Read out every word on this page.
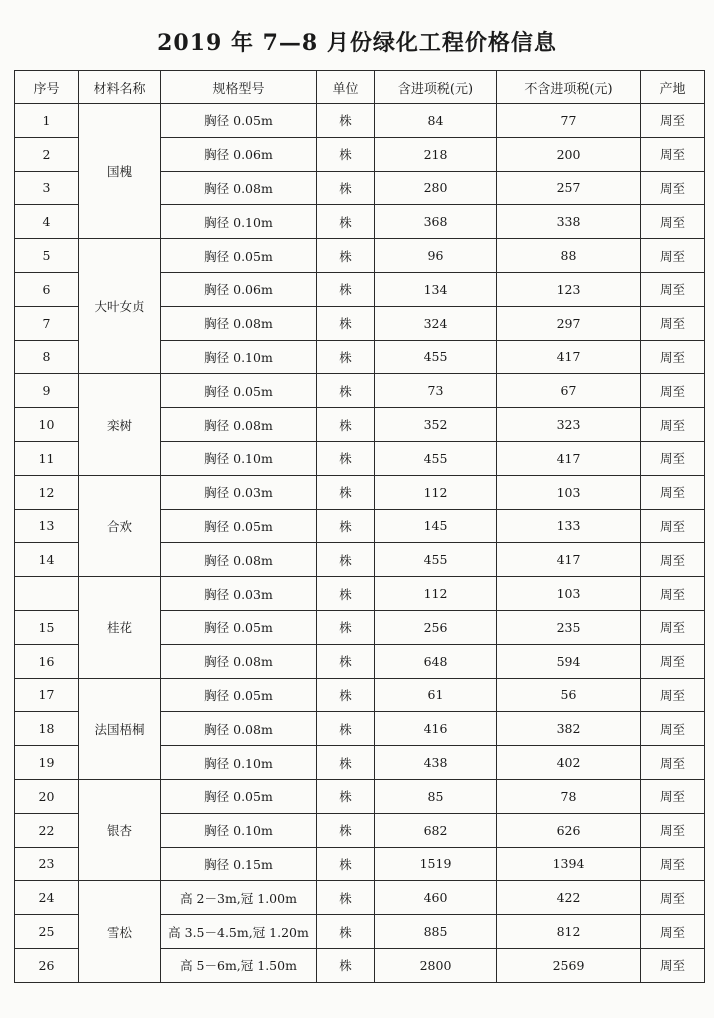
2019 年 7—8 月份绿化工程价格信息
序号	材料名称	规格型号	单位	含进项税(元)	不含进项税(元)	产地
1	国槐	胸径 0.05m	株	84	77	周至
2		胸径 0.06m	株	218	200	周至
3		胸径 0.08m	株	280	257	周至
4		胸径 0.10m	株	368	338	周至
5	大叶女贞	胸径 0.05m	株	96	88	周至
6		胸径 0.06m	株	134	123	周至
7		胸径 0.08m	株	324	297	周至
8		胸径 0.10m	株	455	417	周至
9	栾树	胸径 0.05m	株	73	67	周至
10		胸径 0.08m	株	352	323	周至
11		胸径 0.10m	株	455	417	周至
12	合欢	胸径 0.03m	株	112	103	周至
13		胸径 0.05m	株	145	133	周至
14		胸径 0.08m	株	455	417	周至
	桂花	胸径 0.03m	株	112	103	周至
15		胸径 0.05m	株	256	235	周至
16		胸径 0.08m	株	648	594	周至
17	法国梧桐	胸径 0.05m	株	61	56	周至
18		胸径 0.08m	株	416	382	周至
19		胸径 0.10m	株	438	402	周至
20	银杏	胸径 0.05m	株	85	78	周至
22		胸径 0.10m	株	682	626	周至
23		胸径 0.15m	株	1519	1394	周至
24	雪松	高 2－3m,冠 1.00m	株	460	422	周至
25		高 3.5－4.5m,冠 1.20m	株	885	812	周至
26		高 5－6m,冠 1.50m	株	2800	2569	周至
